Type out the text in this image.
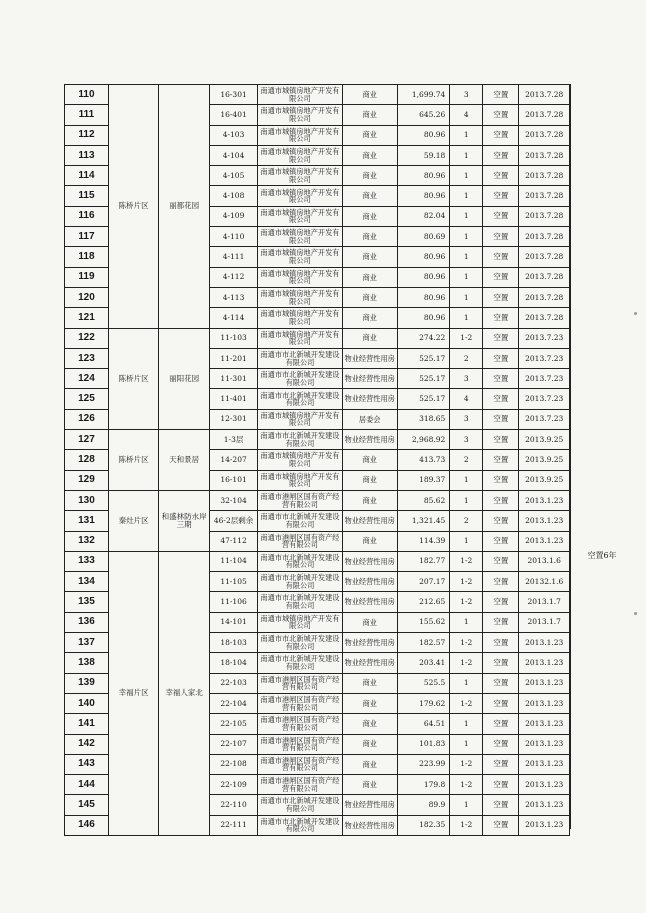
110	陈桥片区	丽都花园	16-301	南通市城镇房地产开发有限公司	商业	1,699.74	3	空置	2013.7.28
111			16-401	南通市城镇房地产开发有限公司	商业	645.26	4	空置	2013.7.28
112			4-103	南通市城镇房地产开发有限公司	商业	80.96	1	空置	2013.7.28
113			4-104	南通市城镇房地产开发有限公司	商业	59.18	1	空置	2013.7.28
114			4-105	南通市城镇房地产开发有限公司	商业	80.96	1	空置	2013.7.28
115			4-108	南通市城镇房地产开发有限公司	商业	80.96	1	空置	2013.7.28
116			4-109	南通市城镇房地产开发有限公司	商业	82.04	1	空置	2013.7.28
117			4-110	南通市城镇房地产开发有限公司	商业	80.69	1	空置	2013.7.28
118			4-111	南通市城镇房地产开发有限公司	商业	80.96	1	空置	2013.7.28
119			4-112	南通市城镇房地产开发有限公司	商业	80.96	1	空置	2013.7.28
120			4-113	南通市城镇房地产开发有限公司	商业	80.96	1	空置	2013.7.28
121			4-114	南通市城镇房地产开发有限公司	商业	80.96	1	空置	2013.7.28
122	陈桥片区	丽阳花园	11-103	南通市城镇房地产开发有限公司	商业	274.22	1-2	空置	2013.7.23
123			11-201	南通市市北新城开发建设有限公司	物业经营性用房	525.17	2	空置	2013.7.23
124			11-301	南通市市北新城开发建设有限公司	物业经营性用房	525.17	3	空置	2013.7.23
125			11-401	南通市市北新城开发建设有限公司	物业经营性用房	525.17	4	空置	2013.7.23
126			12-301	南通市城镇房地产开发有限公司	居委会	318.65	3	空置	2013.7.23
127	陈桥片区	天和景居	1-3层	南通市市北新城开发建设有限公司	物业经营性用房	2,968.92	3	空置	2013.9.25
128			14-207	南通市城镇房地产开发有限公司	商业	413.73	2	空置	2013.9.25
129			16-101	南通市城镇房地产开发有限公司	商业	189.37	1	空置	2013.9.25
130	秦灶片区	和盛林防水岸三期	32-104	南通市港闸区国有资产经营有限公司	商业	85.62	1	空置	2013.1.23
131			46-2层剩余	南通市市北新城开发建设有限公司	物业经营性用房	1,321.45	2	空置	2013.1.23
132			47-112	南通市港闸区国有资产经营有限公司	商业	114.39	1	空置	2013.1.23
133	幸福片区	幸福人家北	11-104	南通市市北新城开发建设有限公司	物业经营性用房	182.77	1-2	空置	2013.1.6
134			11-105	南通市市北新城开发建设有限公司	物业经营性用房	207.17	1-2	空置	20132.1.6
135			11-106	南通市市北新城开发建设有限公司	物业经营性用房	212.65	1-2	空置	2013.1.7
136			14-101	南通市城镇房地产开发有限公司	商业	155.62	1	空置	2013.1.7
137			18-103	南通市市北新城开发建设有限公司	物业经营性用房	182.57	1-2	空置	2013.1.23
138			18-104	南通市市北新城开发建设有限公司	物业经营性用房	203.41	1-2	空置	2013.1.23
139			22-103	南通市港闸区国有资产经营有限公司	商业	525.5	1	空置	2013.1.23
140			22-104	南通市港闸区国有资产经营有限公司	商业	179.62	1-2	空置	2013.1.23
141			22-105	南通市港闸区国有资产经营有限公司	商业	64.51	1	空置	2013.1.23
142			22-107	南通市港闸区国有资产经营有限公司	商业	101.83	1	空置	2013.1.23
143			22-108	南通市港闸区国有资产经营有限公司	商业	223.99	1-2	空置	2013.1.23
144			22-109	南通市港闸区国有资产经营有限公司	商业	179.8	1-2	空置	2013.1.23
145			22-110	南通市市北新城开发建设有限公司	物业经营性用房	89.9	1	空置	2013.1.23
146			22-111	南通市市北新城开发建设有限公司	物业经营性用房	182.35	1-2	空置	2013.1.23
空置6年
